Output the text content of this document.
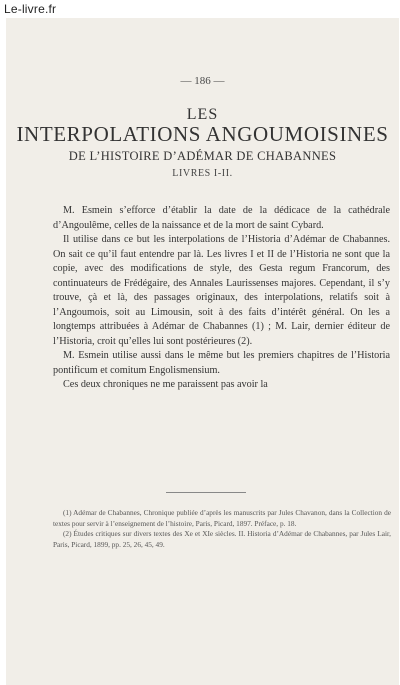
Le-livre.fr
— 186 —
LES
INTERPOLATIONS ANGOUMOISINES
DE L’HISTOIRE D’ADÉMAR DE CHABANNES
LIVRES I-II.

M. Esmein s’efforce d’établir la date de la dédicace de la cathédrale d’Angoulême, celles de la naissance et de la mort de saint Cybard.

Il utilise dans ce but les interpolations de l’Historia d’Adémar de Chabannes. On sait ce qu’il faut entendre par là. Les livres I et II de l’Historia ne sont que la copie, avec des modifications de style, des Gesta regum Francorum, des continuateurs de Frédégaire, des Annales Laurissenses majores. Cependant, il s’y trouve, çà et là, des passages originaux, des interpolations, relatifs soit à l’Angoumois, soit au Limousin, soit à des faits d’intérêt général. On les a longtemps attribuées à Adémar de Chabannes (1) ; M. Lair, dernier éditeur de l’Historia, croit qu’elles lui sont postérieures (2).

M. Esmein utilise aussi dans le même but les premiers chapitres de l’Historia pontificum et comitum Engolismensium.

Ces deux chroniques ne me paraissent pas avoir la

(1) Adémar de Chabannes, Chronique publiée d’après les manuscrits par Jules Chavanon, dans la Collection de textes pour servir à l’enseignement de l’histoire, Paris, Picard, 1897. Préface, p. 18.

(2) Études critiques sur divers textes des Xe et XIe siècles. II. Historia d’Adémar de Chabannes, par Jules Lair, Paris, Picard, 1899, pp. 25, 26, 45, 49.
